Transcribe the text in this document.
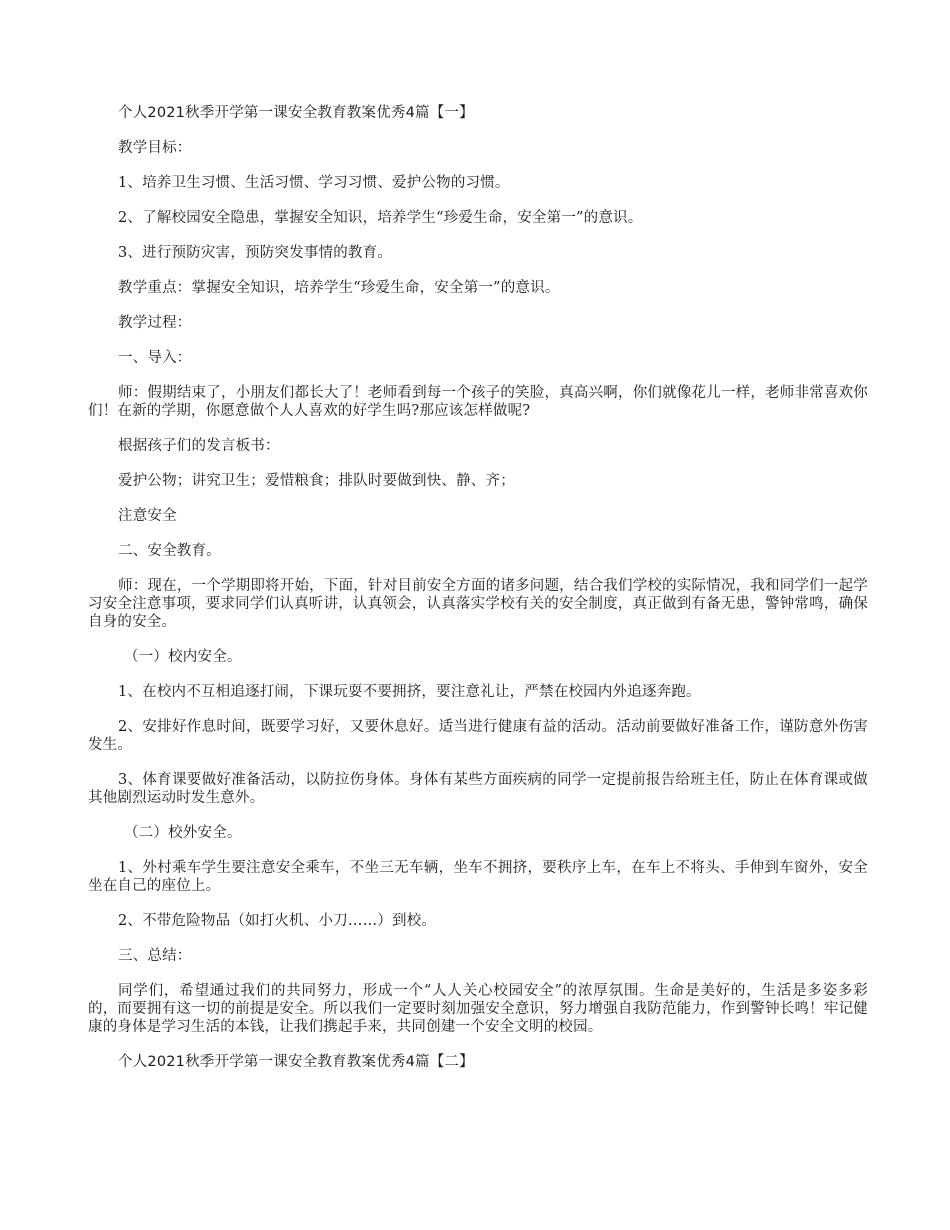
个人2021秋季开学第一课安全教育教案优秀4篇【一】

教学目标：

1、培养卫生习惯、生活习惯、学习习惯、爱护公物的习惯。

2、了解校园安全隐患，掌握安全知识，培养学生“珍爱生命，安全第一”的意识。

3、进行预防灾害，预防突发事情的教育。

教学重点：掌握安全知识，培养学生“珍爱生命，安全第一”的意识。

教学过程：

一、导入：

师：假期结束了，小朋友们都长大了！老师看到每一个孩子的笑脸，真高兴啊，你们就像花儿一样，老师非常喜欢你们！在新的学期，你愿意做个人人喜欢的好学生吗?那应该怎样做呢?

根据孩子们的发言板书：

爱护公物；讲究卫生；爱惜粮食；排队时要做到快、静、齐；

注意安全

二、安全教育。

师：现在，一个学期即将开始，下面，针对目前安全方面的诸多问题，结合我们学校的实际情况，我和同学们一起学习安全注意事项，要求同学们认真听讲，认真领会，认真落实学校有关的安全制度，真正做到有备无患，警钟常鸣，确保自身的安全。

（一）校内安全。

1、在校内不互相追逐打闹，下课玩耍不要拥挤，要注意礼让，严禁在校园内外追逐奔跑。

2、安排好作息时间，既要学习好，又要休息好。适当进行健康有益的活动。活动前要做好准备工作，谨防意外伤害发生。

3、体育课要做好准备活动，以防拉伤身体。身体有某些方面疾病的同学一定提前报告给班主任，防止在体育课或做其他剧烈运动时发生意外。

（二）校外安全。

1、外村乘车学生要注意安全乘车，不坐三无车辆，坐车不拥挤，要秩序上车，在车上不将头、手伸到车窗外，安全坐在自己的座位上。

2、不带危险物品（如打火机、小刀……）到校。

三、总结：

同学们，希望通过我们的共同努力，形成一个“人人关心校园安全”的浓厚氛围。生命是美好的，生活是多姿多彩的，而要拥有这一切的前提是安全。所以我们一定要时刻加强安全意识，努力增强自我防范能力，作到警钟长鸣！牢记健康的身体是学习生活的本钱，让我们携起手来，共同创建一个安全文明的校园。

个人2021秋季开学第一课安全教育教案优秀4篇【二】
